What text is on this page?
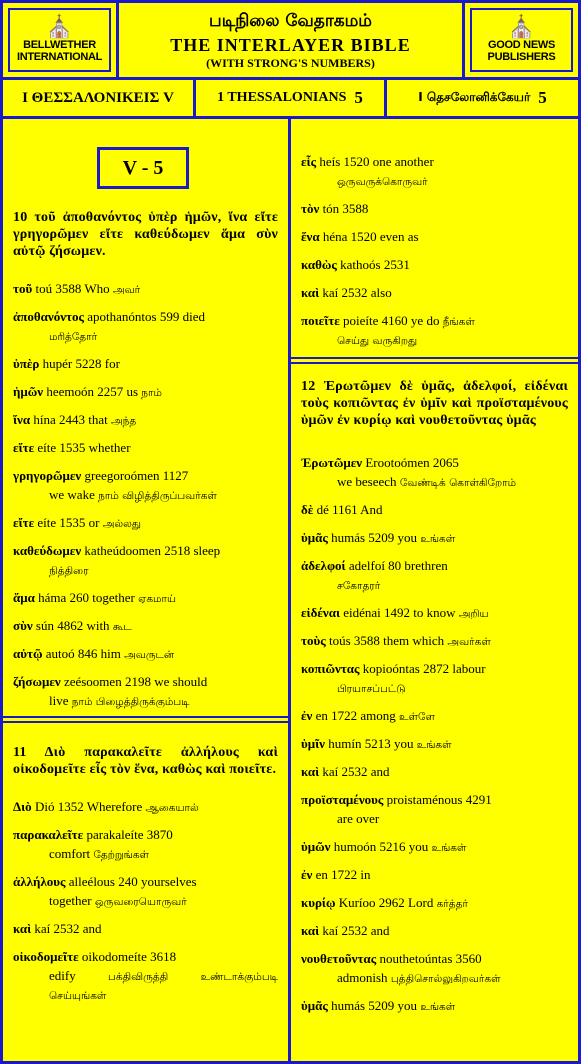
⛪
BELLWETHER
INTERNATIONAL
படிநிலை வேதாகமம்
THE INTERLAYER BIBLE
(WITH STRONG'S NUMBERS)
⛪
GOOD NEWS
PUBLISHERS
I ΘΕΣΣΑΛΟΝΙΚΕΙΣ V	1 THESSALONIANS 5	I தெசலோனிக்கேயர் 5
V - 5
10 τοῦ ἀποθανόντος ὑπὲρ ἡμῶν, ἵνα εἴτε γρηγορῶμεν εἴτε καθεύδωμεν ἅμα σὺν αὐτῷ ζήσωμεν.
τοῦ toú 3588 Who அவர்
ἀποθανόντος apothanóntos 599 died
மரித்தோர்
ὑπὲρ hupér 5228 for
ἡμῶν heemoón 2257 us நாம்
ἵνα hína 2443 that அந்த
εἴτε eíte 1535 whether
γρηγορῶμεν greegoroómen 1127
we wake நாம் விழித்திருப்பவர்கள்
εἴτε eíte 1535 or அல்லது
καθεύδωμεν katheúdoomen 2518 sleep
நித்திரை
ἅμα háma 260 together ஏகமாய்
σὺν sún 4862 with கூட
αὐτῷ autoó 846 him அவருடன்
ζήσωμεν zeésoomen 2198 we should
live நாம் பிழைத்திருக்கும்படி
11 Διὸ παρακαλεῖτε ἀλλήλους καὶ οἰκοδομεῖτε εἷς τὸν ἕνα, καθὼς καὶ ποιεῖτε.
Διὸ Dió 1352 Wherefore ஆகையால்
παρακαλεῖτε parakaleíte 3870
comfort தேற்றுங்கள்
ἀλλήλους alleélous 240 yourselves
together ஒருவரையொருவர்
καὶ kaí 2532 and
οἰκοδομεῖτε oikodomeíte 3618
edify	பக்திவிருத்தி உண்டாக்கும்படி செய்யுங்கள்
εἷς heís 1520 one another
ஒருவருக்கொருவர்
τὸν tón 3588
ἕνα héna 1520 even as
καθὼς kathoós 2531
καὶ kaí 2532 also
ποιεῖτε poieíte 4160 ye do நீங்கள்
செய்து வருகிறது
12 Ἐρωτῶμεν δὲ ὑμᾶς, ἀδελφοί, εἰδέναι τοὺς κοπιῶντας ἐν ὑμῖν καὶ προϊσταμένους ὑμῶν ἐν κυρίῳ καὶ νουθετοῦντας ὑμᾶς
Ἐρωτῶμεν Erootoómen 2065
we beseech வேண்டிக் கொள்கிறோம்
δὲ dé 1161 And
ὑμᾶς humás 5209 you உங்கள்
ἀδελφοί adelfoí 80 brethren
சகோதரர்
εἰδέναι eidénai 1492 to know அறிய
τοὺς toús 3588 them which அவர்கள்
κοπιῶντας kopioóntas 2872 labour
பிரயாசப்பட்டு
ἐν en 1722 among உள்ளே
ὑμῖν humín 5213 you உங்கள்
καὶ kaí 2532 and
προϊσταμένους proistaménous 4291
are over
ὑμῶν humoón 5216 you உங்கள்
ἐν en 1722 in
κυρίῳ Kuríoo 2962 Lord கர்த்தர்
καὶ kaí 2532 and
νουθετοῦντας nouthetoúntas 3560
admonish புத்திசொல்லுகிறவர்கள்
ὑμᾶς humás 5209 you உங்கள்
